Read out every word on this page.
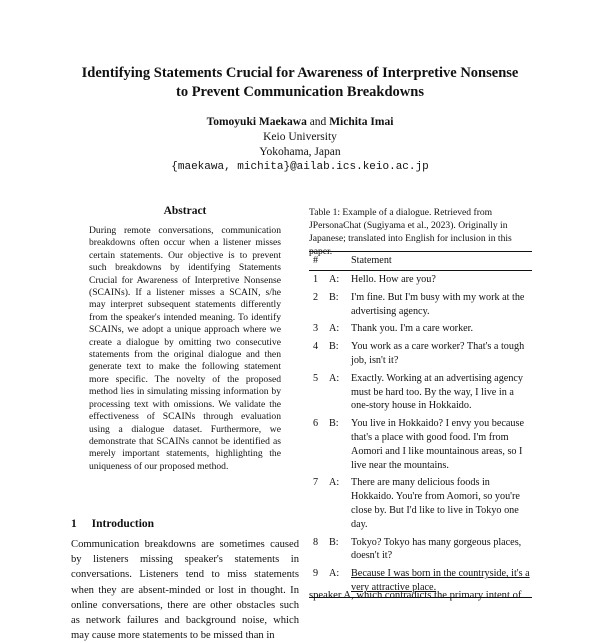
Identifying Statements Crucial for Awareness of Interpretive Nonsense
to Prevent Communication Breakdowns
Tomoyuki Maekawa and Michita Imai
Keio University
Yokohama, Japan
{maekawa, michita}@ailab.ics.keio.ac.jp
Abstract
During remote conversations, communication breakdowns often occur when a listener misses certain statements. Our objective is to prevent such breakdowns by identifying Statements Crucial for Awareness of Interpretive Nonsense (SCAINs). If a listener misses a SCAIN, s/he may interpret subsequent statements differently from the speaker's intended meaning. To identify SCAINs, we adopt a unique approach where we create a dialogue by omitting two consecutive statements from the original dialogue and then generate text to make the following statement more specific. The novelty of the proposed method lies in simulating missing information by processing text with omissions. We validate the effectiveness of SCAINs through evaluation using a dialogue dataset. Furthermore, we demonstrate that SCAINs cannot be identified as merely important statements, highlighting the uniqueness of our proposed method.
1 Introduction
Communication breakdowns are sometimes caused by listeners missing speaker's statements in conversations. Listeners tend to miss statements when they are absent-minded or lost in thought. In online conversations, there are other obstacles such as network failures and background noise, which may cause more statements to be missed than in
Table 1: Example of a dialogue. Retrieved from JPersonaChat (Sugiyama et al., 2023). Originally in Japanese; translated into English for inclusion in this paper.
#		Statement
1	A:	Hello. How are you?
2	B:	I'm fine. But I'm busy with my work at the advertising agency.
3	A:	Thank you. I'm a care worker.
4	B:	You work as a care worker? That's a tough job, isn't it?
5	A:	Exactly. Working at an advertising agency must be hard too. By the way, I live in a one-story house in Hokkaido.
6	B:	You live in Hokkaido? I envy you because that's a place with good food. I'm from Aomori and I like mountainous areas, so I live near the mountains.
7	A:	There are many delicious foods in Hokkaido. You're from Aomori, so you're close by. But I'd like to live in Tokyo one day.
8	B:	Tokyo? Tokyo has many gorgeous places, doesn't it?
9	A:	Because I was born in the countryside, it's a very attractive place.
speaker A, which contradicts the primary intent of
